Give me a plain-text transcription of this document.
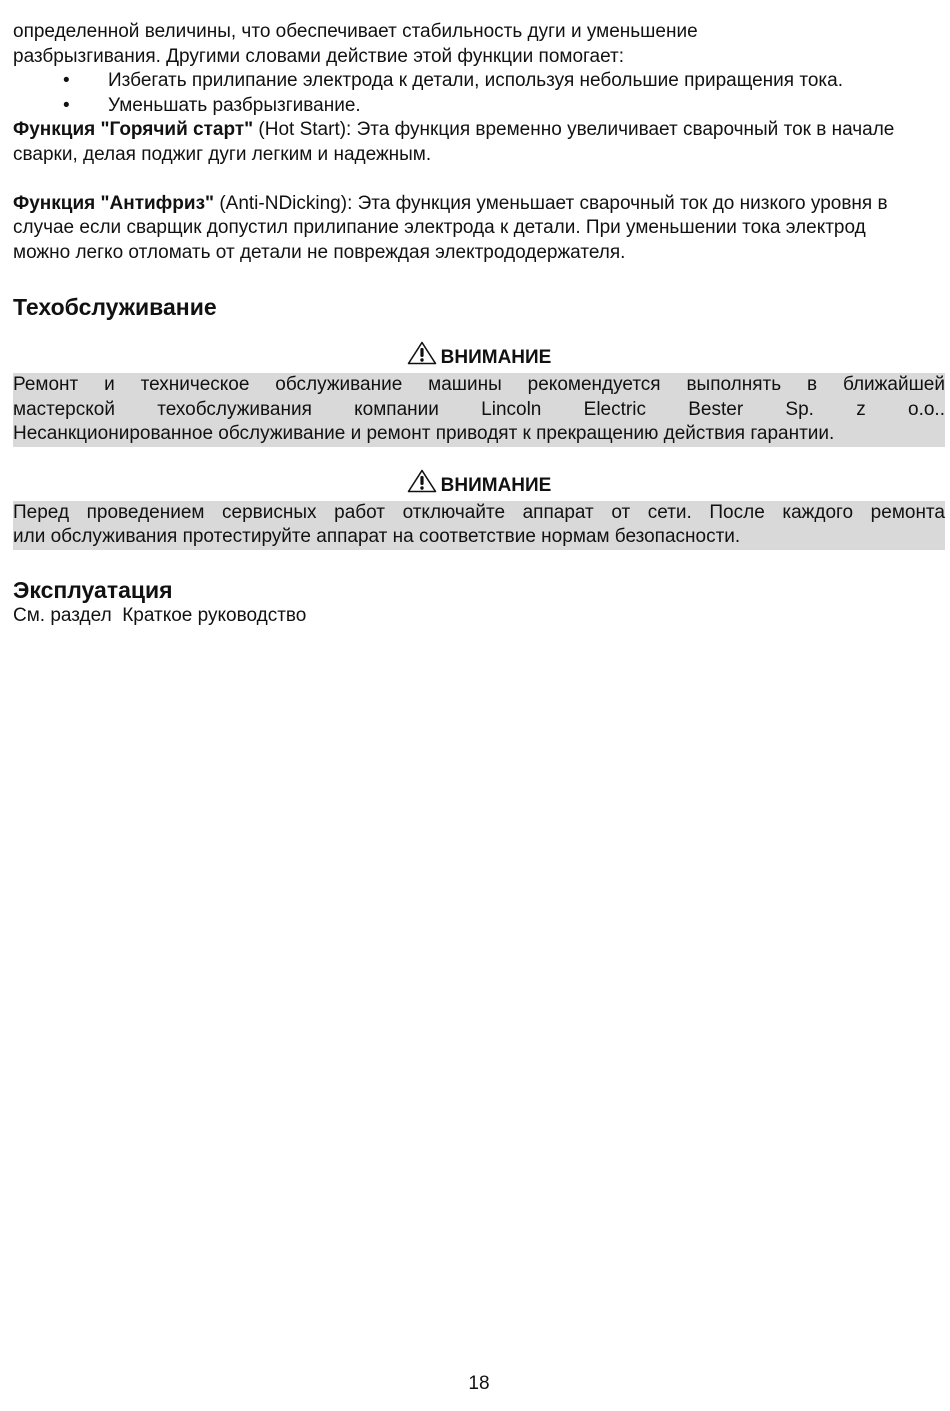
определенной величины, что обеспечивает стабильность дуги и уменьшение

разбрызгивания. Другими словами действие этой функции помогает:

• Избегать прилипание электрода к детали, используя небольшие приращения тока.
• Уменьшать разбрызгивание.

Функция "Горячий старт" (Hot Start): Эта функция временно увеличивает сварочный ток в начале сварки, делая поджиг дуги легким и надежным.

Функция "Антифриз" (Anti-NDicking): Эта функция уменьшает сварочный ток до низкого уровня в случае если сварщик допустил прилипание электрода к детали. При уменьшении тока электрод можно легко отломать от детали не повреждая электрододержателя.

Техобслуживание
ВНИМАНИЕ
Ремонт и техническое обслуживание машины рекомендуется выполнять в ближайшей
мастерской техобслуживания компании Lincoln Electric Bester Sp. z o.o..
Несанкционированное обслуживание и ремонт приводят к прекращению действия гарантии.
ВНИМАНИЕ
Перед проведением сервисных работ отключайте аппарат от сети. После каждого ремонта
или обслуживания протестируйте аппарат на соответствие нормам безопасности.
Эксплуатация

См. раздел  Краткое руководство

18
